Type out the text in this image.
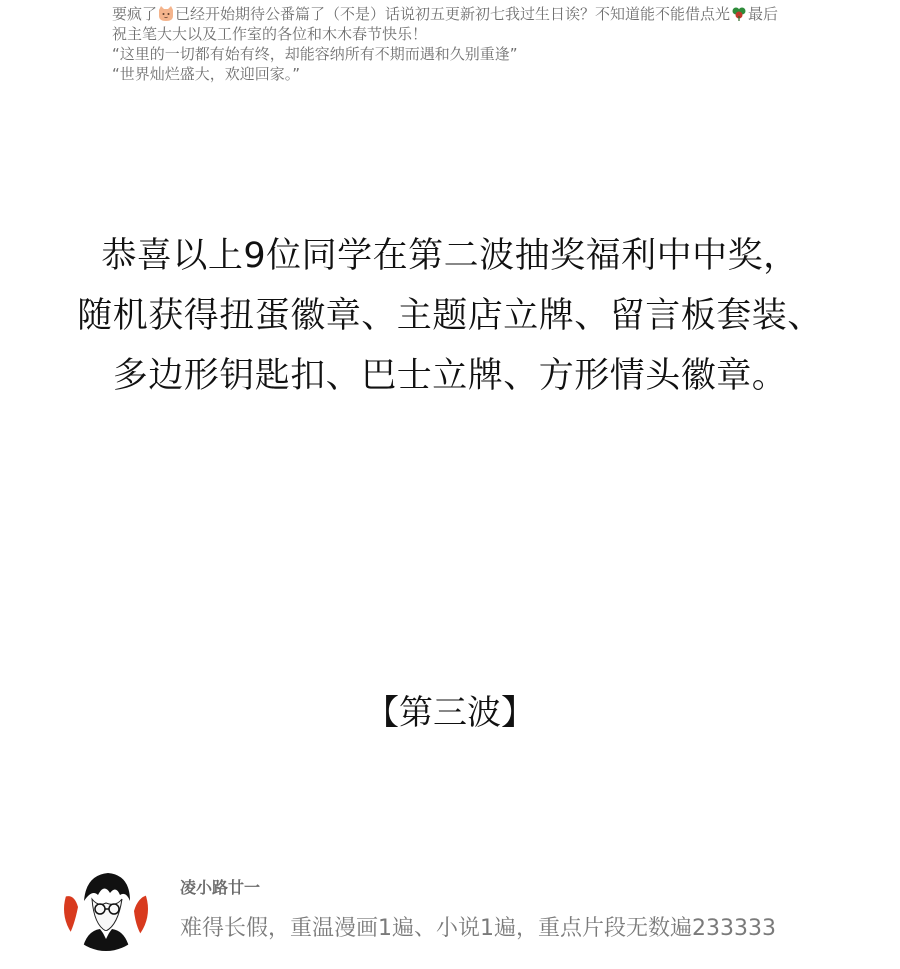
要疯了 已经开始期待公番篇了（不是）话说初五更新初七我过生日诶？不知道能不能借点光 最后

祝主笔大大以及工作室的各位和木木春节快乐！

“这里的一切都有始有终，却能容纳所有不期而遇和久别重逢”

“世界灿烂盛大，欢迎回家。”

恭喜以上9位同学在第二波抽奖福利中中奖，

随机获得扭蛋徽章、主题店立牌、留言板套装、

多边形钥匙扣、巴士立牌、方形情头徽章。

【第三波】
凌小路廿一
难得长假，重温漫画1遍、小说1遍，重点片段无数遍233333
